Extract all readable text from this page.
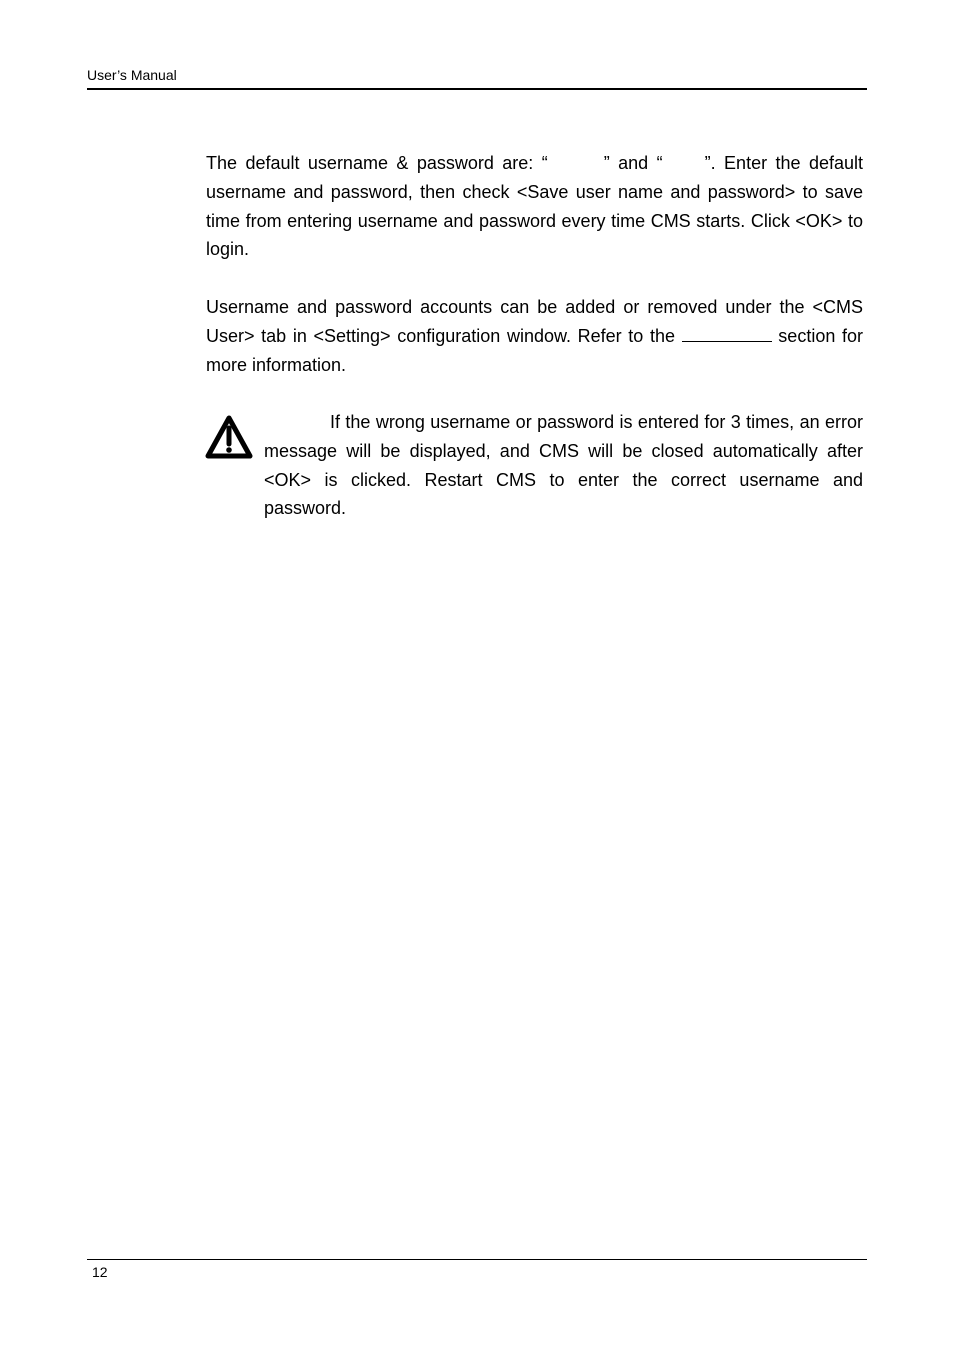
User’s Manual

The default username & password are: “	” and “ ”. Enter the default username and password, then check <Save user name and password> to save time from entering username and password every time CMS starts. Click <OK> to login.

Username and password accounts can be added or removed under the <CMS User> tab in <Setting> configuration window. Refer to the	section for more information.

If the wrong username or password is entered for 3 times, an error message will be displayed, and CMS will be closed automatically after <OK> is clicked. Restart CMS to enter the correct username and password.

12
